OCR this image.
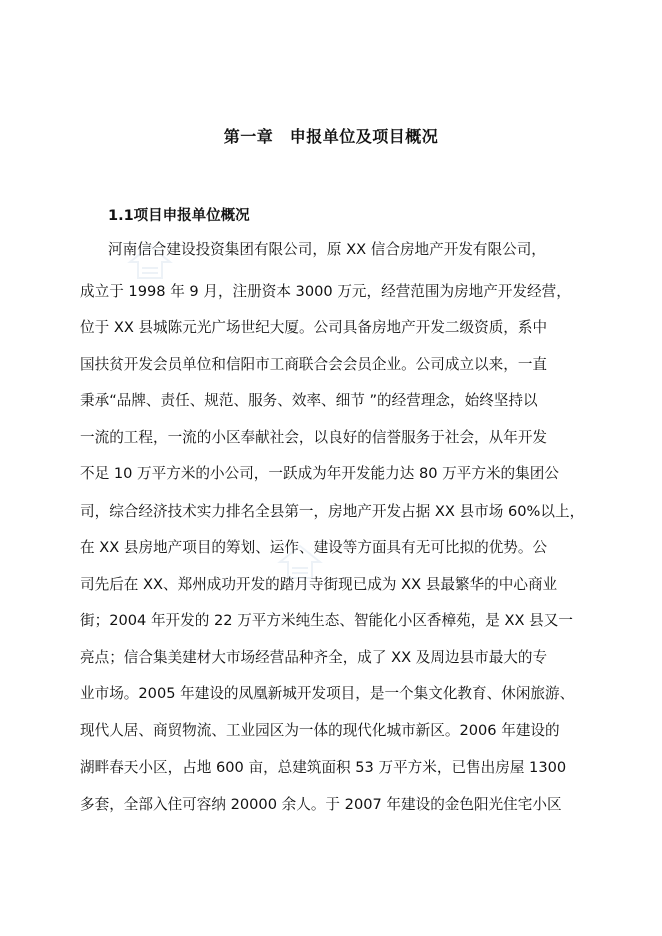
第一章　申报单位及项目概况
1.1项目申报单位概况
河南信合建设投资集团有限公司，原 XX 信合房地产开发有限公司，
成立于 1998 年 9 月，注册资本 3000 万元，经营范围为房地产开发经营，
位于 XX 县城陈元光广场世纪大厦。公司具备房地产开发二级资质，系中
国扶贫开发会员单位和信阳市工商联合会会员企业。公司成立以来，一直
秉承“品牌、责任、规范、服务、效率、细节 ”的经营理念，始终坚持以
一流的工程，一流的小区奉献社会，以良好的信誉服务于社会，从年开发
不足 10 万平方米的小公司，一跃成为年开发能力达 80 万平方米的集团公
司，综合经济技术实力排名全县第一，房地产开发占据 XX 县市场 60%以上，
在 XX 县房地产项目的筹划、运作、建设等方面具有无可比拟的优势。公
司先后在 XX、郑州成功开发的踏月寺街现已成为 XX 县最繁华的中心商业
街；2004 年开发的 22 万平方米纯生态、智能化小区香樟苑，是 XX 县又一
亮点；信合集美建材大市场经营品种齐全，成了 XX 及周边县市最大的专
业市场。2005 年建设的凤凰新城开发项目，是一个集文化教育、休闲旅游、
现代人居、商贸物流、工业园区为一体的现代化城市新区。2006 年建设的
湖畔春天小区，占地 600 亩，总建筑面积 53 万平方米，已售出房屋 1300
多套，全部入住可容纳 20000 余人。于 2007 年建设的金色阳光住宅小区
